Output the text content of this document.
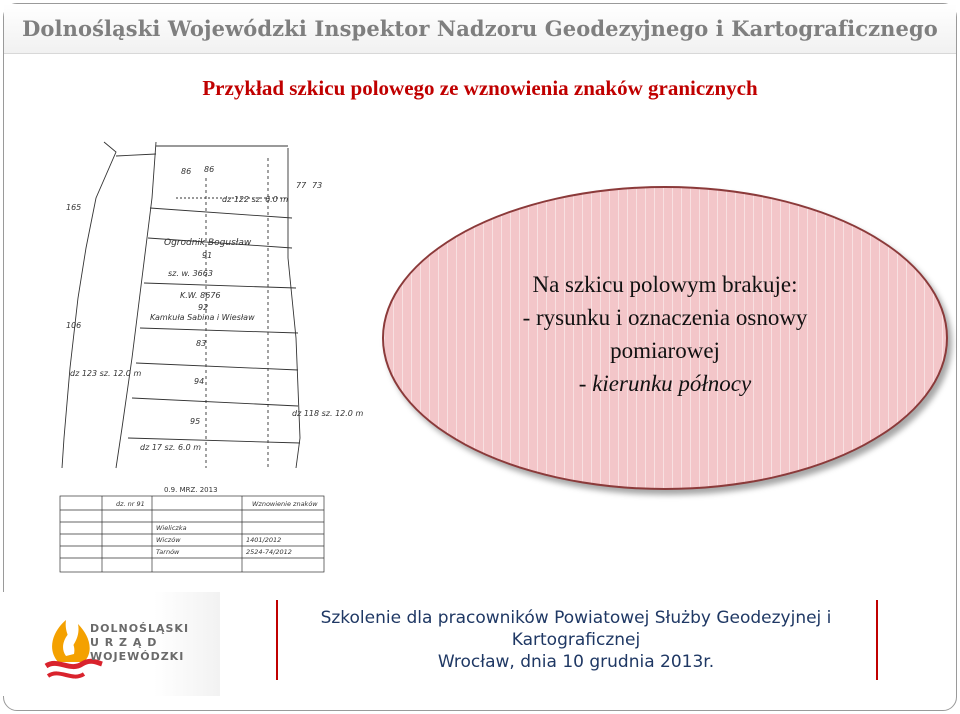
Dolnośląski Wojewódzki Inspektor Nadzoru Geodezyjnego i Kartograficznego
Przykład szkicu polowego ze wznowienia znaków granicznych
86 86
77 73
165
dz 122 sz. 6.0 m
Ogrodnik Bogusław
91
sz. w. 3663
K.W. 8676
92
Kamkuła Sabina i Wiesław
106
83
dz 123 sz. 12.0 m
94
95
dz 118 sz. 12.0 m
dz 17 sz. 6.0 m
0.9. MRZ. 2013
dz. nr 91	Wznowienie znaków
Wieliczka
Wiczów	1401/2012
Tarnów	2524-74/2012
Na szkicu polowym brakuje:
- rysunku i oznaczenia osnowy
pomiarowej
- kierunku północy
DOLNOŚLĄSKI
U R Z Ą D
WOJEWÓDZKI
Szkolenie dla pracowników Powiatowej Służby Geodezyjnej i
Kartograficznej
Wrocław, dnia 10 grudnia 2013r.
